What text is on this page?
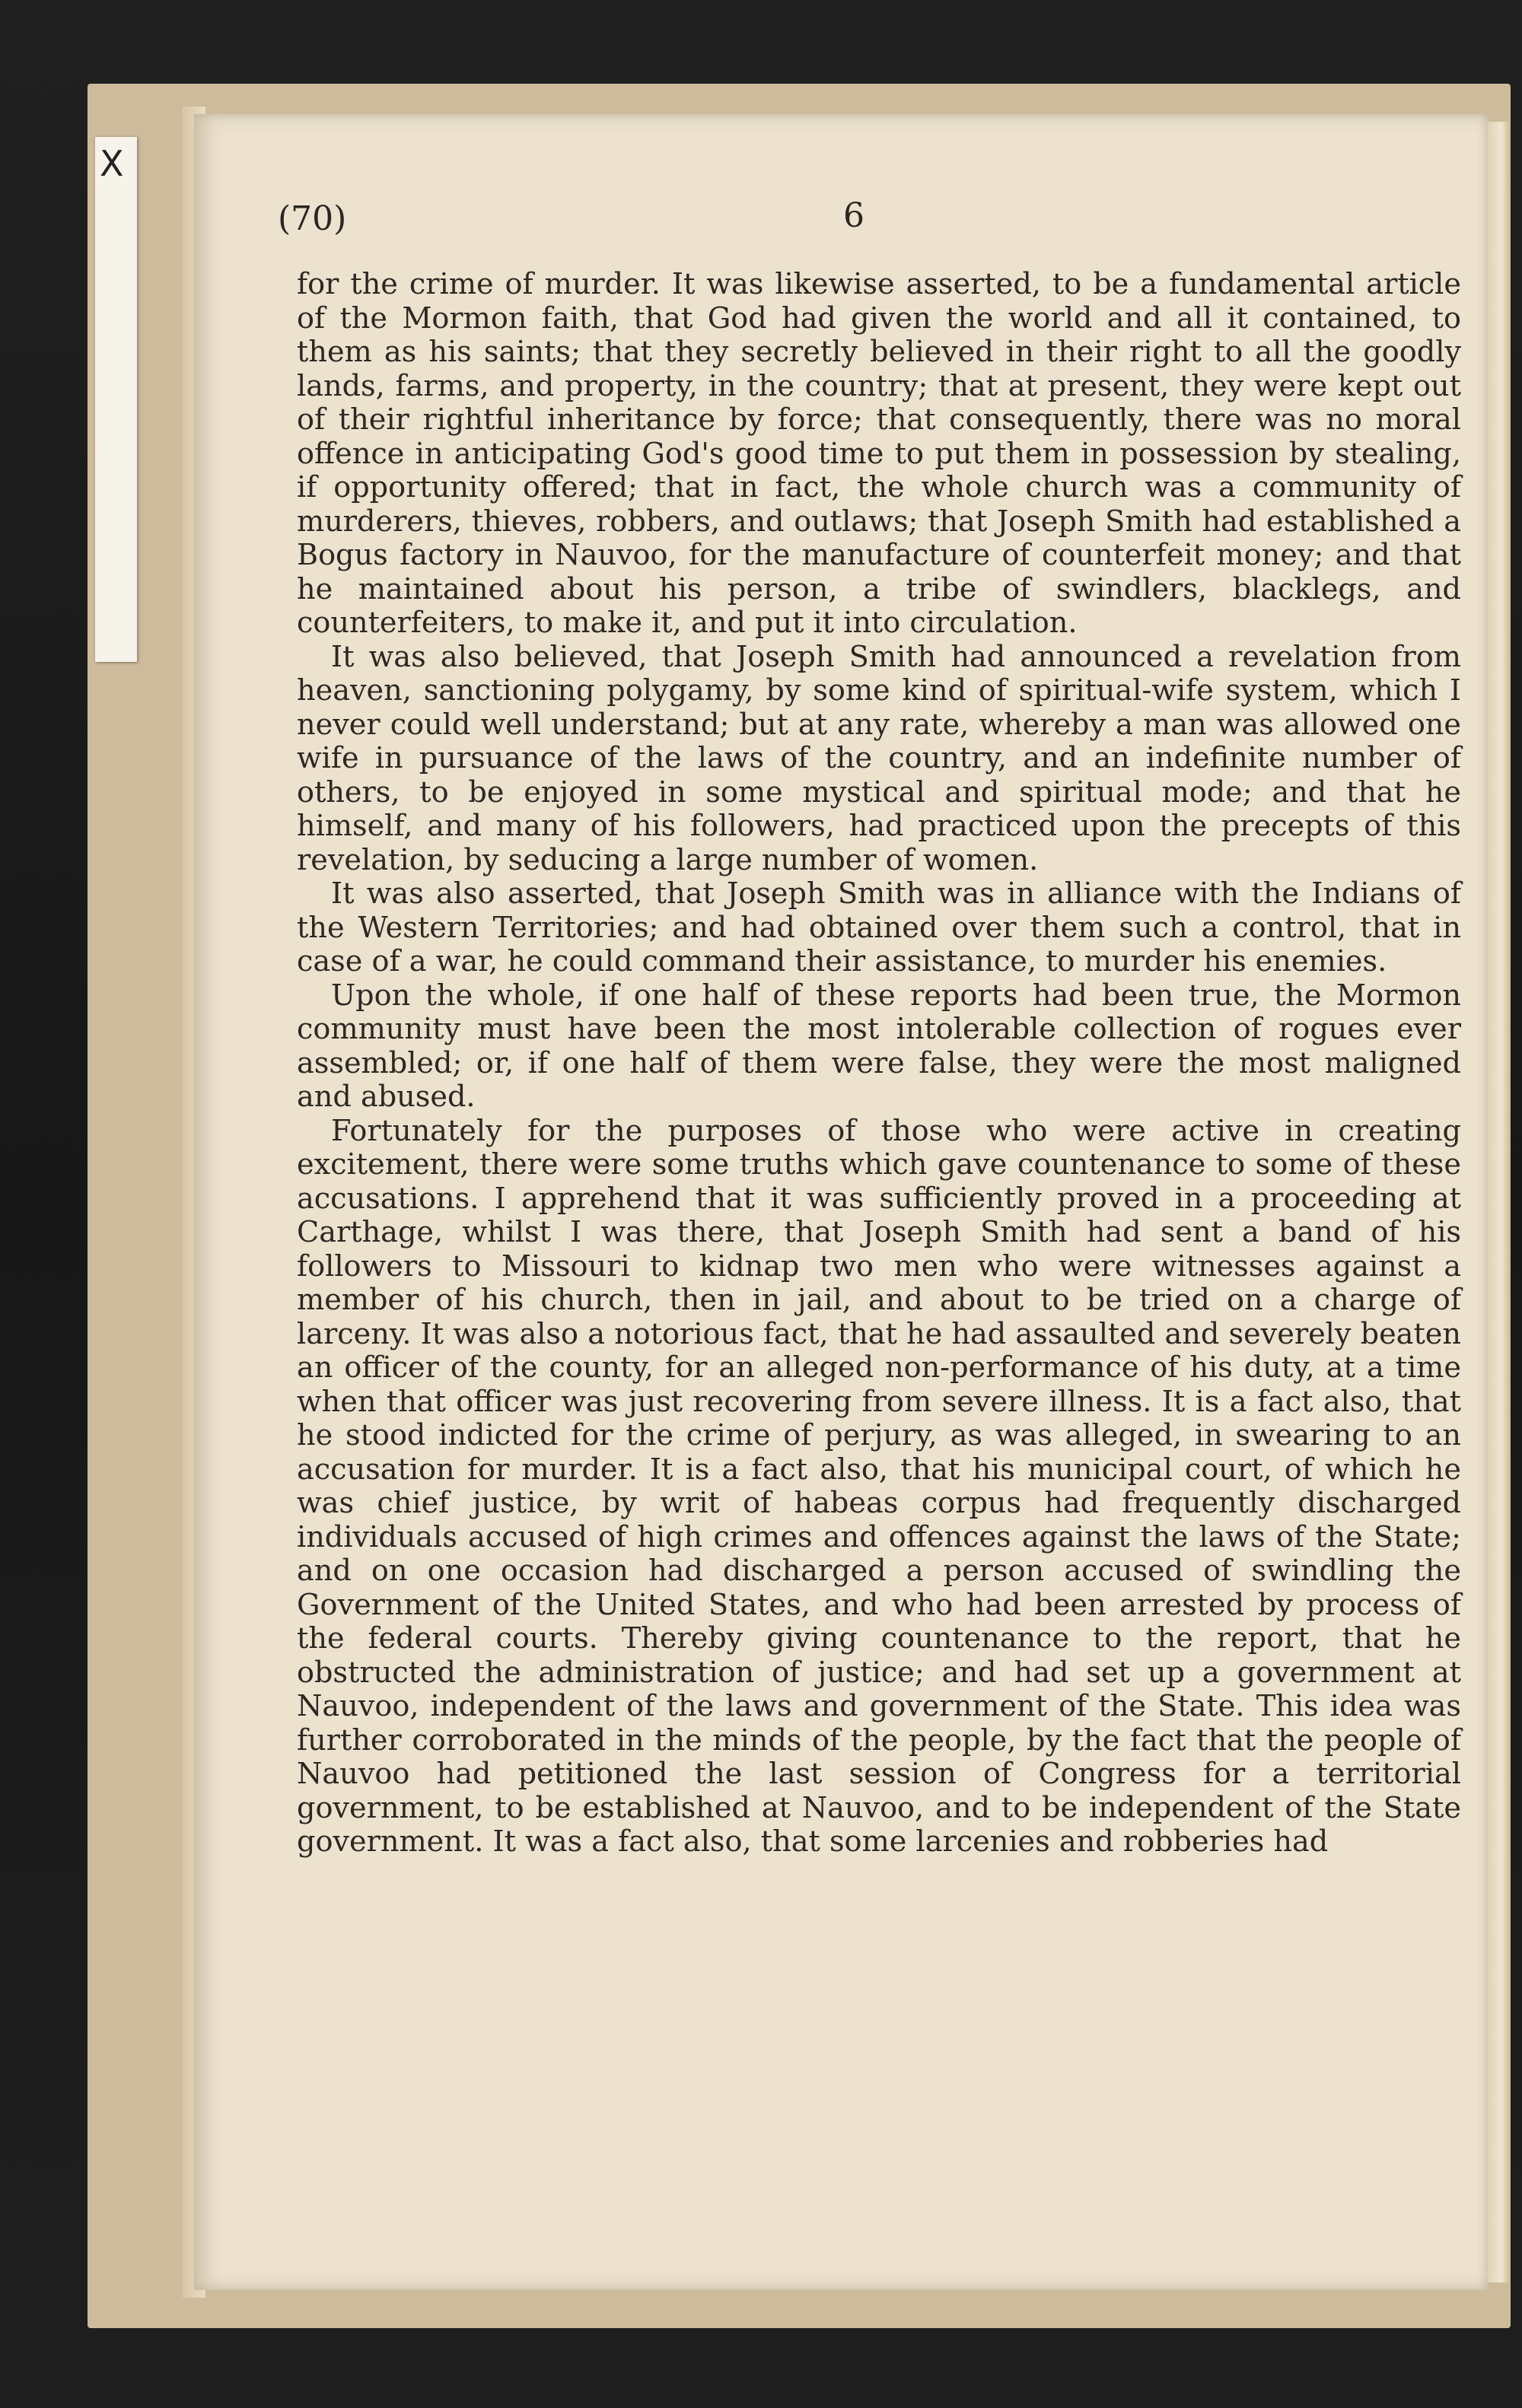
X
(70)	6

for the crime of murder. It was likewise asserted, to be a fundamental article of the Mormon faith, that God had given the world and all it contained, to them as his saints; that they secretly believed in their right to all the goodly lands, farms, and property, in the country; that at present, they were kept out of their rightful inheritance by force; that consequently, there was no moral offence in anticipating God's good time to put them in possession by stealing, if opportunity offered; that in fact, the whole church was a community of murderers, thieves, robbers, and outlaws; that Joseph Smith had established a Bogus factory in Nauvoo, for the manufacture of counterfeit money; and that he maintained about his person, a tribe of swindlers, blacklegs, and counterfeiters, to make it, and put it into circulation.

It was also believed, that Joseph Smith had announced a revelation from heaven, sanctioning polygamy, by some kind of spiritual-wife system, which I never could well understand; but at any rate, whereby a man was allowed one wife in pursuance of the laws of the country, and an indefinite number of others, to be enjoyed in some mystical and spiritual mode; and that he himself, and many of his followers, had practiced upon the precepts of this revelation, by seducing a large number of women.

It was also asserted, that Joseph Smith was in alliance with the Indians of the Western Territories; and had obtained over them such a control, that in case of a war, he could command their assistance, to murder his enemies.

Upon the whole, if one half of these reports had been true, the Mormon community must have been the most intolerable collection of rogues ever assembled; or, if one half of them were false, they were the most maligned and abused.

Fortunately for the purposes of those who were active in creating excitement, there were some truths which gave countenance to some of these accusations. I apprehend that it was sufficiently proved in a proceeding at Carthage, whilst I was there, that Joseph Smith had sent a band of his followers to Missouri to kidnap two men who were witnesses against a member of his church, then in jail, and about to be tried on a charge of larceny. It was also a notorious fact, that he had assaulted and severely beaten an officer of the county, for an alleged non-performance of his duty, at a time when that officer was just recovering from severe illness. It is a fact also, that he stood indicted for the crime of perjury, as was alleged, in swearing to an accusation for murder. It is a fact also, that his municipal court, of which he was chief justice, by writ of habeas corpus had frequently discharged individuals accused of high crimes and offences against the laws of the State; and on one occasion had discharged a person accused of swindling the Government of the United States, and who had been arrested by process of the federal courts. Thereby giving countenance to the report, that he obstructed the administration of justice; and had set up a government at Nauvoo, independent of the laws and government of the State. This idea was further corroborated in the minds of the people, by the fact that the people of Nauvoo had petitioned the last session of Congress for a territorial government, to be established at Nauvoo, and to be independent of the State government. It was a fact also, that some larcenies and robberies had
